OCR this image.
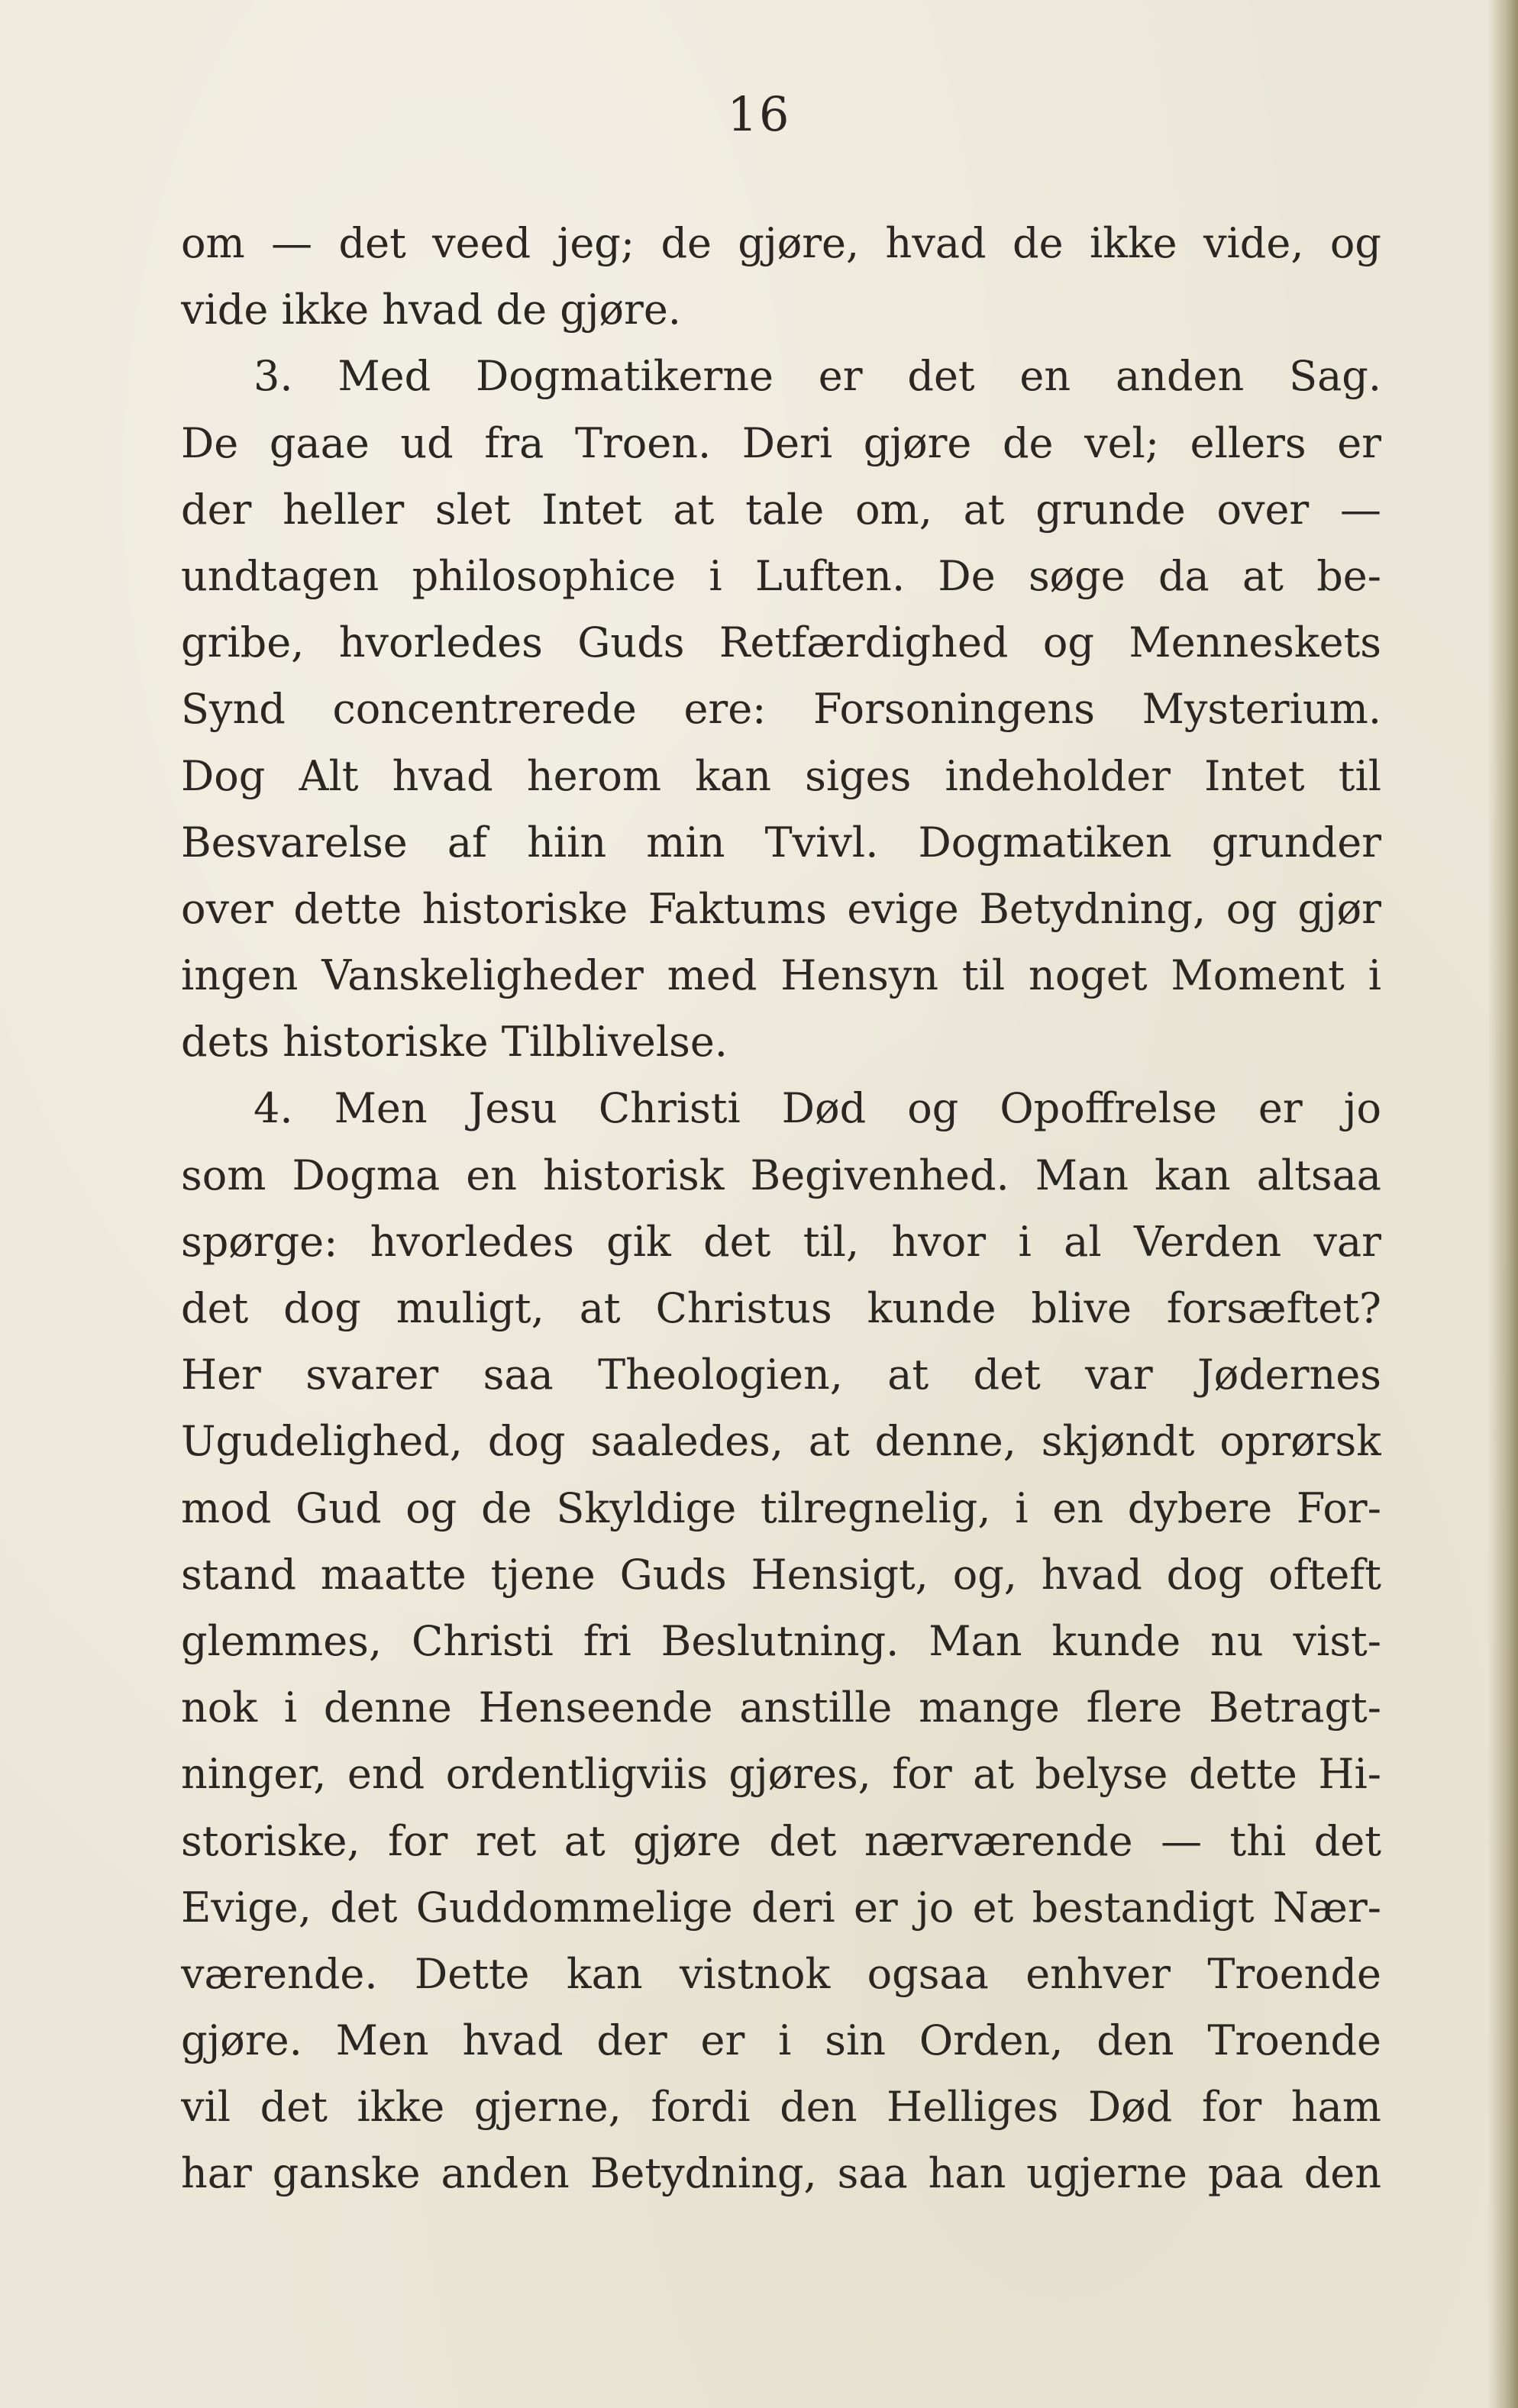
16
om — det veed jeg; de gjøre, hvad de ikke vide, og
vide ikke hvad de gjøre.
3. Med Dogmatikerne er det en anden Sag.
De gaae ud fra Troen. Deri gjøre de vel; ellers er
der heller slet Intet at tale om, at grunde over —
undtagen philosophice i Luften. De søge da at be-
gribe, hvorledes Guds Retfærdighed og Menneskets
Synd concentrerede ere: Forsoningens Mysterium.
Dog Alt hvad herom kan siges indeholder Intet til
Besvarelse af hiin min Tvivl. Dogmatiken grunder
over dette historiske Faktums evige Betydning, og gjør
ingen Vanskeligheder med Hensyn til noget Moment i
dets historiske Tilblivelse.
4. Men Jesu Christi Død og Opoffrelse er jo
som Dogma en historisk Begivenhed. Man kan altsaa
spørge: hvorledes gik det til, hvor i al Verden var
det dog muligt, at Christus kunde blive forsæftet?
Her svarer saa Theologien, at det var Jødernes
Ugudelighed, dog saaledes, at denne, skjøndt oprørsk
mod Gud og de Skyldige tilregnelig, i en dybere For-
stand maatte tjene Guds Hensigt, og, hvad dog ofteft
glemmes, Christi fri Beslutning. Man kunde nu vist-
nok i denne Henseende anstille mange flere Betragt-
ninger, end ordentligviis gjøres, for at belyse dette Hi-
storiske, for ret at gjøre det nærværende — thi det
Evige, det Guddommelige deri er jo et bestandigt Nær-
værende. Dette kan vistnok ogsaa enhver Troende
gjøre. Men hvad der er i sin Orden, den Troende
vil det ikke gjerne, fordi den Helliges Død for ham
har ganske anden Betydning, saa han ugjerne paa den
